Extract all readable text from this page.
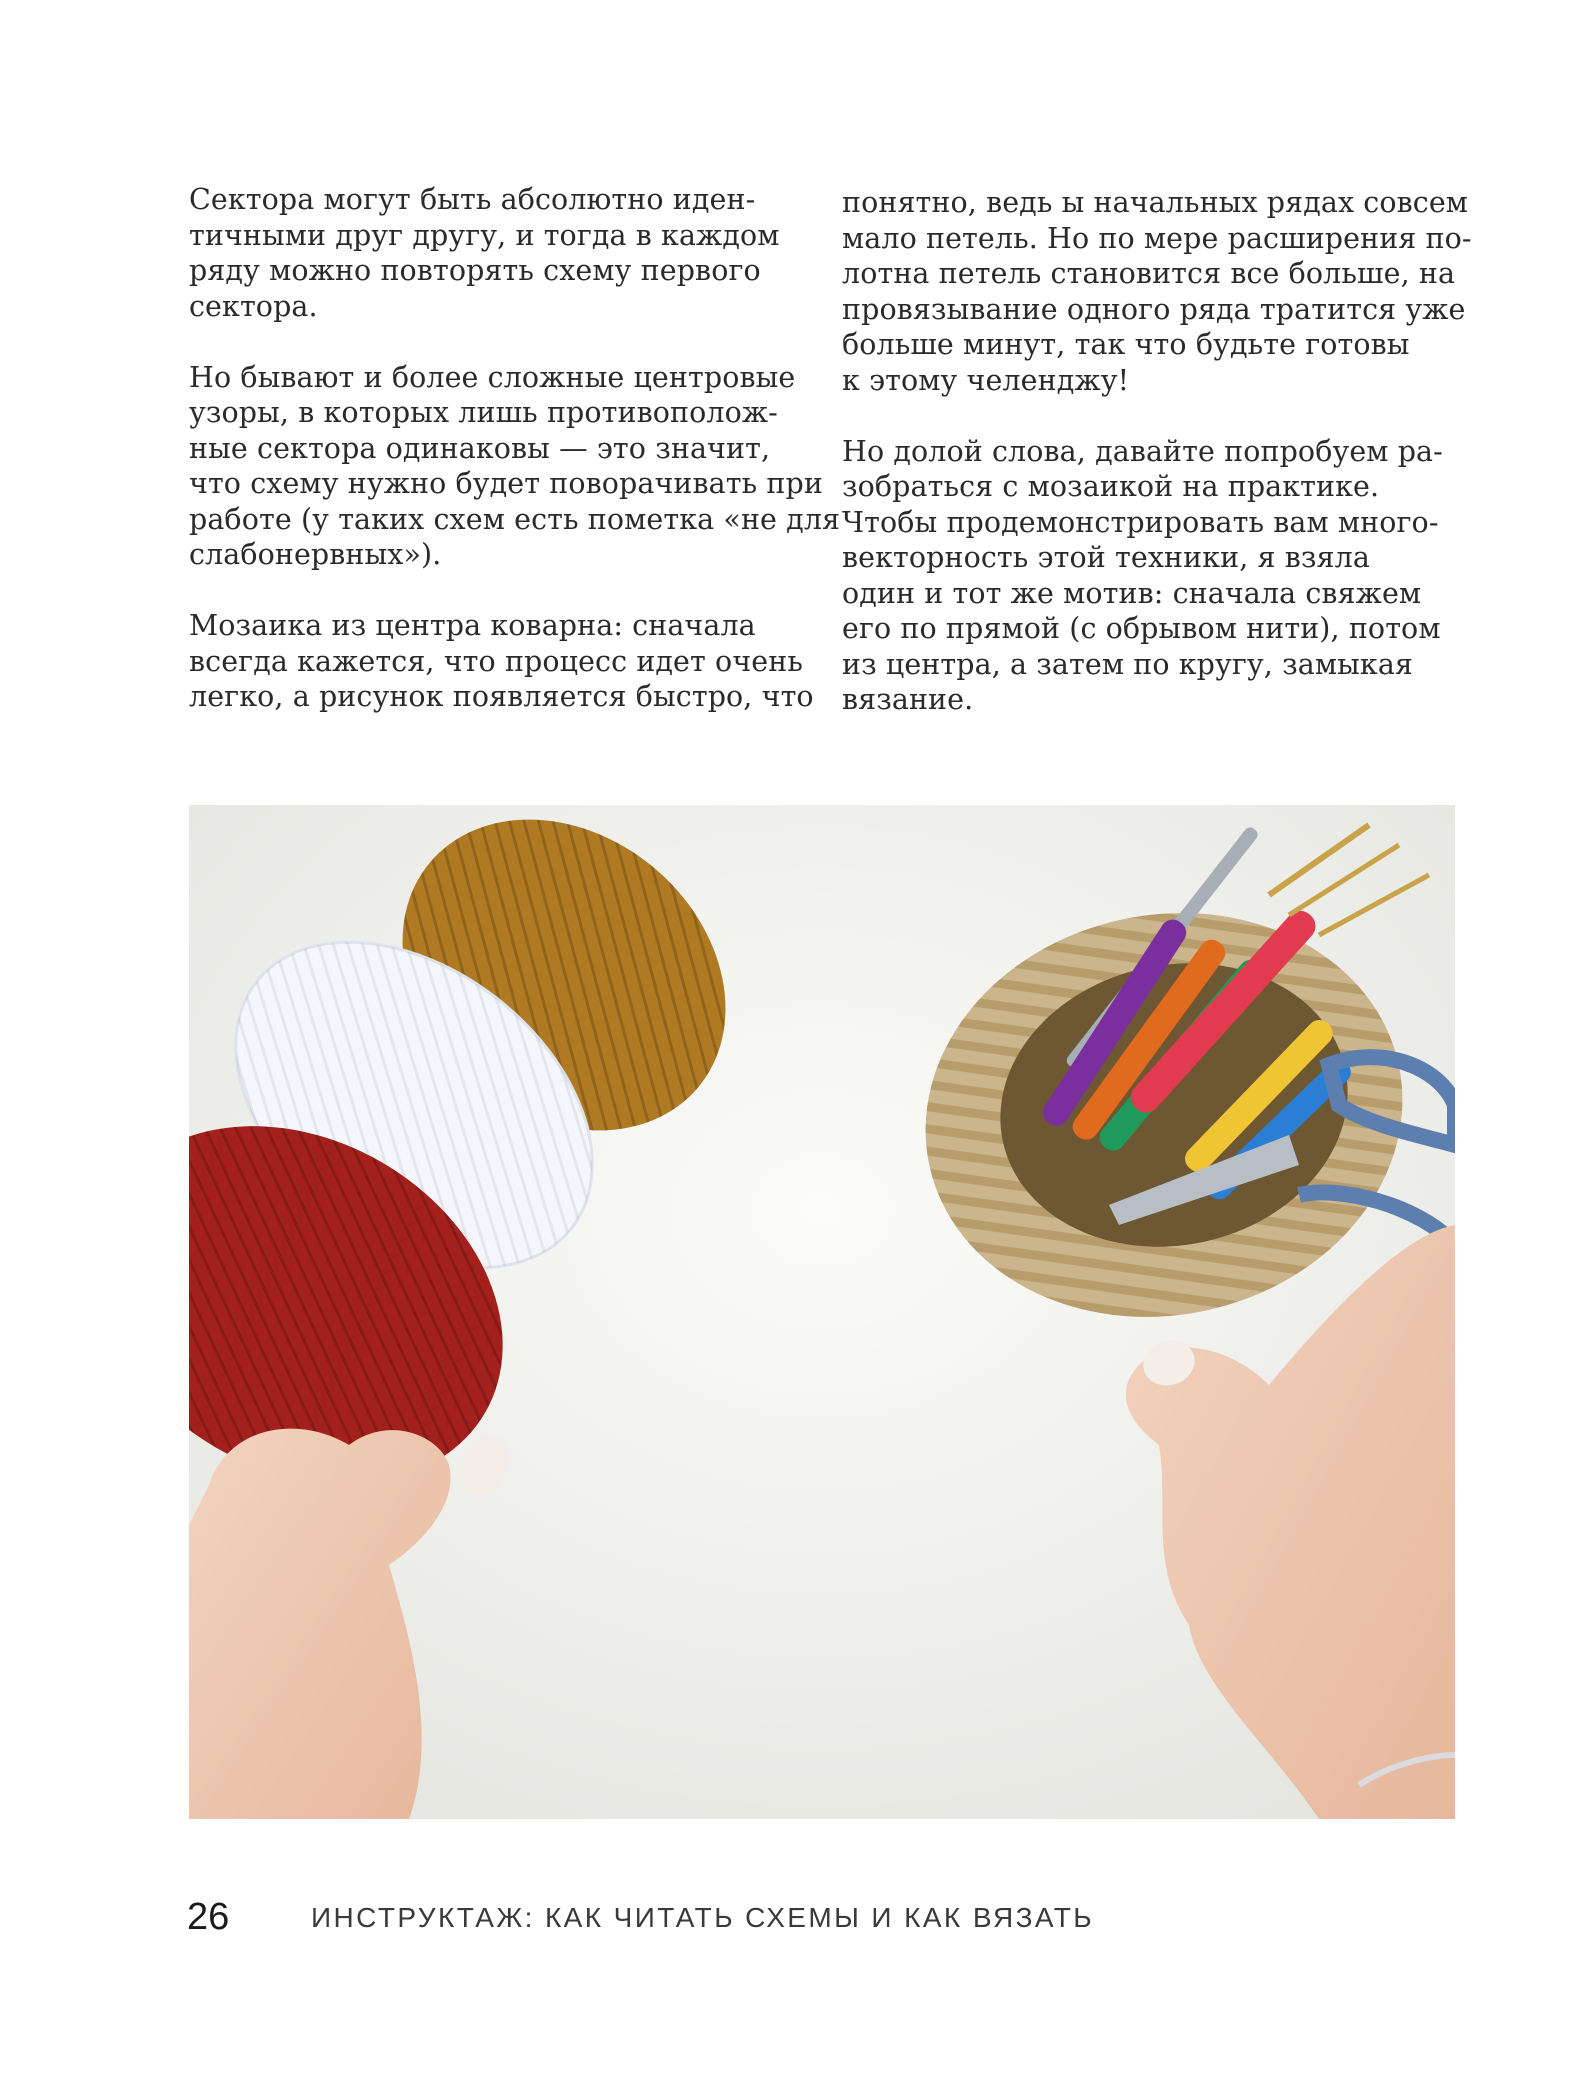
Сектора могут быть абсолютно иден-
тичными друг другу, и тогда в каждом
ряду можно повторять схему первого
сектора.

Но бывают и более сложные центровые
узоры, в которых лишь противополож-
ные сектора одинаковы — это значит,
что схему нужно будет поворачивать при
работе (у таких схем есть пометка «не для
слабонервных»).

Мозаика из центра коварна: сначала
всегда кажется, что процесс идет очень
легко, а рисунок появляется быстро, что

понятно, ведь ы начальных рядах совсем
мало петель. Но по мере расширения по-
лотна петель становится все больше, на
провязывание одного ряда тратится уже
больше минут, так что будьте готовы
к этому челенджу!

Но долой слова, давайте попробуем ра-
зобраться с мозаикой на практике.
Чтобы продемонстрировать вам много-
векторность этой техники, я взяла
один и тот же мотив: сначала свяжем
его по прямой (с обрывом нити), потом
из центра, а затем по кругу, замыкая
вязание.

26	ИНСТРУКТАЖ: КАК ЧИТАТЬ СХЕМЫ И КАК ВЯЗАТЬ
